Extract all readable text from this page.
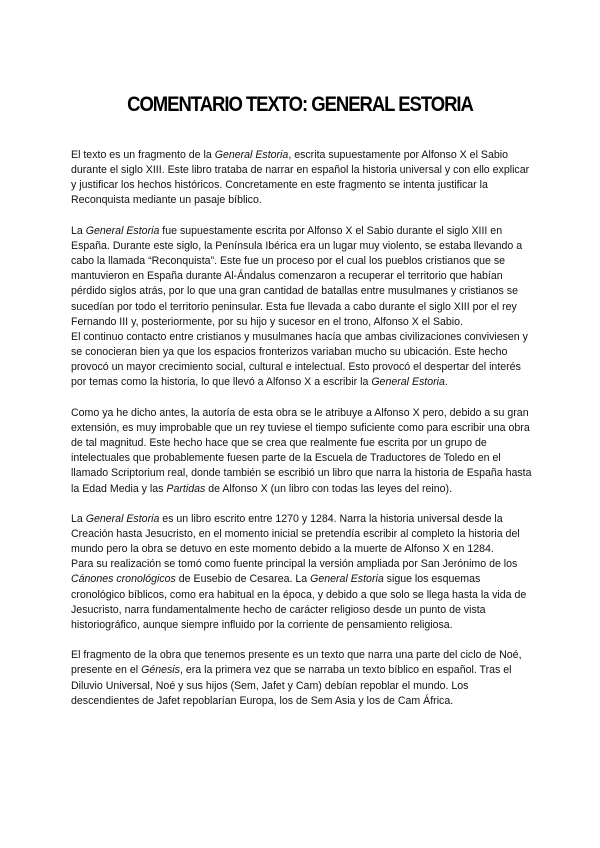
COMENTARIO TEXTO: GENERAL ESTORIA

El texto es un fragmento de la General Estoria, escrita supuestamente por Alfonso X el Sabio durante el siglo XIII. Este libro trataba de narrar en español la historia universal y con ello explicar y justificar los hechos históricos. Concretamente en este fragmento se intenta justificar la Reconquista mediante un pasaje bíblico.

La General Estoria fue supuestamente escrita por Alfonso X el Sabio durante el siglo XIII en España. Durante este siglo, la Península Ibérica era un lugar muy violento, se estaba llevando a cabo la llamada “Reconquista”. Este fue un proceso por el cual los pueblos cristianos que se mantuvieron en España durante Al-Ándalus comenzaron a recuperar el territorio que habían pérdido siglos atrás, por lo que una gran cantidad de batallas entre musulmanes y cristianos se sucedían por todo el territorio peninsular. Esta fue llevada a cabo durante el siglo XIII por el rey Fernando III y, posteriormente, por su hijo y sucesor en el trono, Alfonso X el Sabio.

El continuo contacto entre cristianos y musulmanes hacía que ambas civilizaciones conviviesen y se conocieran bien ya que los espacios fronterizos variaban mucho su ubicación. Este hecho provocó un mayor crecimiento social, cultural e intelectual. Esto provocó el despertar del interés por temas como la historia, lo que llevó a Alfonso X a escribir la General Estoria.

Como ya he dicho antes, la autoría de esta obra se le atribuye a Alfonso X pero, debido a su gran extensión, es muy improbable que un rey tuviese el tiempo suficiente como para escribir una obra de tal magnitud. Este hecho hace que se crea que realmente fue escrita por un grupo de intelectuales que probablemente fuesen parte de la Escuela de Traductores de Toledo en el llamado Scriptorium real, donde también se escribió un libro que narra la historia de España hasta la Edad Media y las Partidas de Alfonso X (un libro con todas las leyes del reino).

La General Estoria es un libro escrito entre 1270 y 1284. Narra la historia universal desde la Creación hasta Jesucristo, en el momento inicial se pretendía escribir al completo la historia del mundo pero la obra se detuvo en este momento debido a la muerte de Alfonso X en 1284.

Para su realización se tomó como fuente principal la versión ampliada por San Jerónimo de los Cánones cronológicos de Eusebio de Cesarea. La General Estoria sigue los esquemas cronológico bíblicos, como era habitual en la época, y debido a que solo se llega hasta la vida de Jesucristo, narra fundamentalmente hecho de carácter religioso desde un punto de vista historiográfico, aunque siempre influido por la corriente de pensamiento religiosa.

El fragmento de la obra que tenemos presente es un texto que narra una parte del ciclo de Noé, presente en el Génesis, era la primera vez que se narraba un texto bíblico en español. Tras el Diluvio Universal, Noé y sus hijos (Sem, Jafet y Cam) debían repoblar el mundo. Los descendientes de Jafet repoblarían Europa, los de Sem Asia y los de Cam África.
